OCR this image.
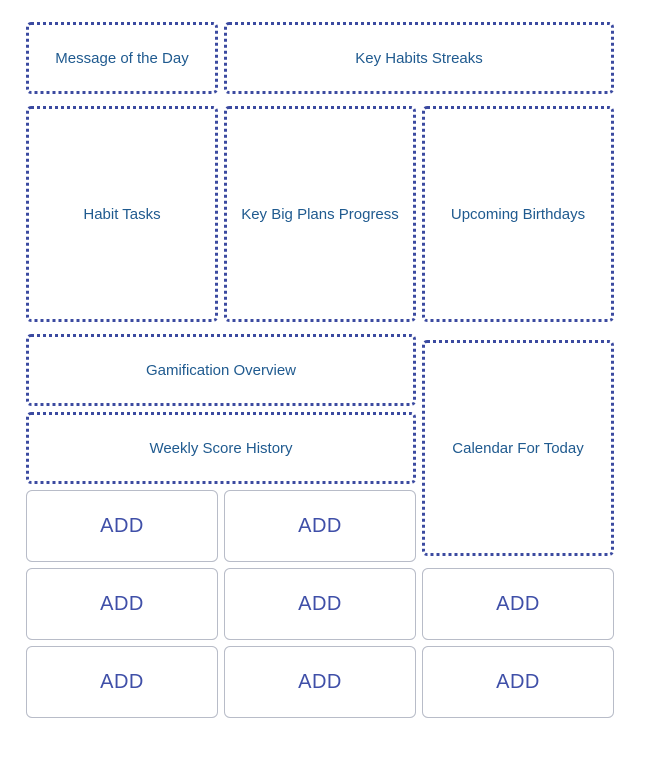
Message of the Day	Key Habits Streaks
Habit Tasks	Key Big Plans Progress	Upcoming Birthdays
Gamification Overview
Calendar For Today
Weekly Score History
ADD	ADD
ADD	ADD	ADD
ADD	ADD	ADD
